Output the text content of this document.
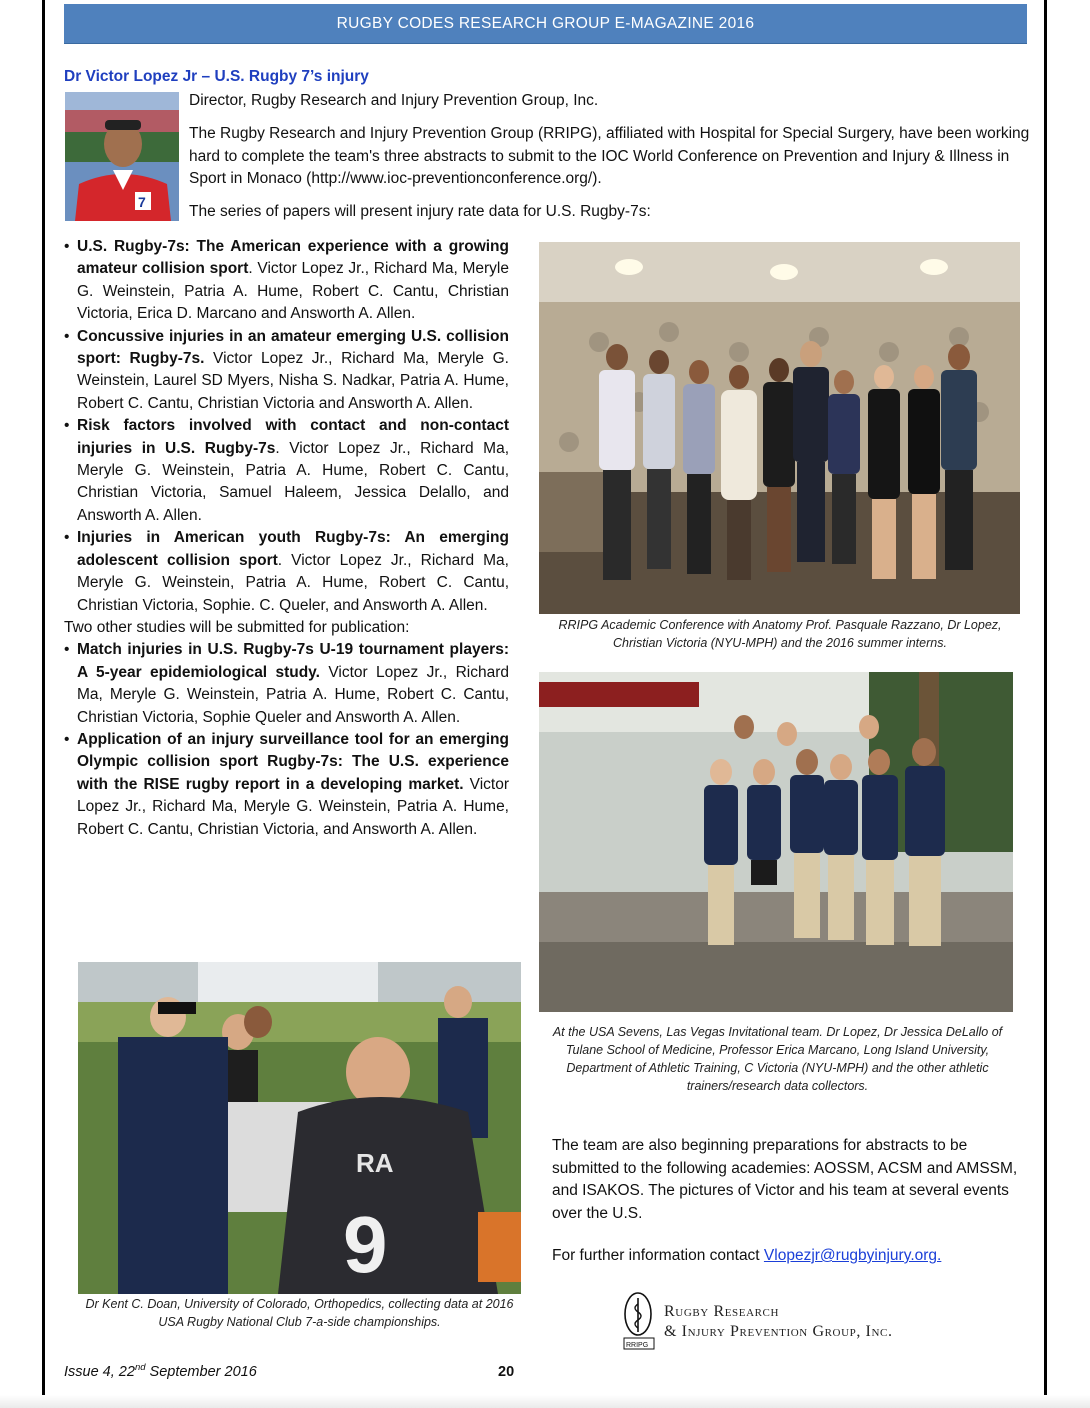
RUGBY CODES RESEARCH GROUP E-MAGAZINE 2016
Dr Victor Lopez Jr – U.S. Rugby 7’s injury
7
Director, Rugby Research and Injury Prevention Group, Inc.
The Rugby Research and Injury Prevention Group (RRIPG), affiliated with Hospital for Special Surgery, have been working hard to complete the team's three abstracts to submit to the IOC World Conference on Prevention and Injury & Illness in Sport in Monaco (http://www.ioc-preventionconference.org/).
The series of papers will present injury rate data for U.S. Rugby-7s:
• U.S. Rugby-7s: The American experience with a growing amateur collision sport. Victor Lopez Jr., Richard Ma, Meryle G. Weinstein, Patria A. Hume, Robert C. Cantu, Christian Victoria, Erica D. Marcano and Answorth A. Allen.
• Concussive injuries in an amateur emerging U.S. collision sport: Rugby-7s. Victor Lopez Jr., Richard Ma, Meryle G. Weinstein, Laurel SD Myers, Nisha S. Nadkar, Patria A. Hume, Robert C. Cantu, Christian Victoria and Answorth A. Allen.
• Risk factors involved with contact and non-contact injuries in U.S. Rugby-7s. Victor Lopez Jr., Richard Ma, Meryle G. Weinstein, Patria A. Hume, Robert C. Cantu, Christian Victoria, Samuel Haleem, Jessica Delallo, and Answorth A. Allen.
• Injuries in American youth Rugby-7s: An emerging adolescent collision sport. Victor Lopez Jr., Richard Ma, Meryle G. Weinstein, Patria A. Hume, Robert C. Cantu, Christian Victoria, Sophie. C. Queler, and Answorth A. Allen.
Two other studies will be submitted for publication:
• Match injuries in U.S. Rugby-7s U-19 tournament players: A 5-year epidemiological study. Victor Lopez Jr., Richard Ma, Meryle G. Weinstein, Patria A. Hume, Robert C. Cantu, Christian Victoria, Sophie Queler and Answorth A. Allen.
• Application of an injury surveillance tool for an emerging Olympic collision sport Rugby-7s: The U.S. experience with the RISE rugby report in a developing market. Victor Lopez Jr., Richard Ma, Meryle G. Weinstein, Patria A. Hume, Robert C. Cantu, Christian Victoria, and Answorth A. Allen.
RRIPG Academic Conference with Anatomy Prof. Pasquale Razzano, Dr Lopez, Christian Victoria (NYU-MPH) and the 2016 summer interns.
At the USA Sevens, Las Vegas Invitational team. Dr Lopez, Dr Jessica DeLallo of Tulane School of Medicine, Professor Erica Marcano, Long Island University, Department of Athletic Training, C Victoria (NYU-MPH) and the other athletic trainers/research data collectors.
RA
9
Dr Kent C. Doan, University of Colorado, Orthopedics, collecting data at 2016 USA Rugby National Club 7-a-side championships.
The team are also beginning preparations for abstracts to be submitted to the following academies: AOSSM, ACSM and AMSSM, and ISAKOS. The pictures of Victor and his team at several events over the U.S.
For further information contact Vlopezjr@rugbyinjury.org.
RRIPG
Rugby Research
& Injury Prevention Group, Inc.
Issue 4, 22nd September 2016	20
